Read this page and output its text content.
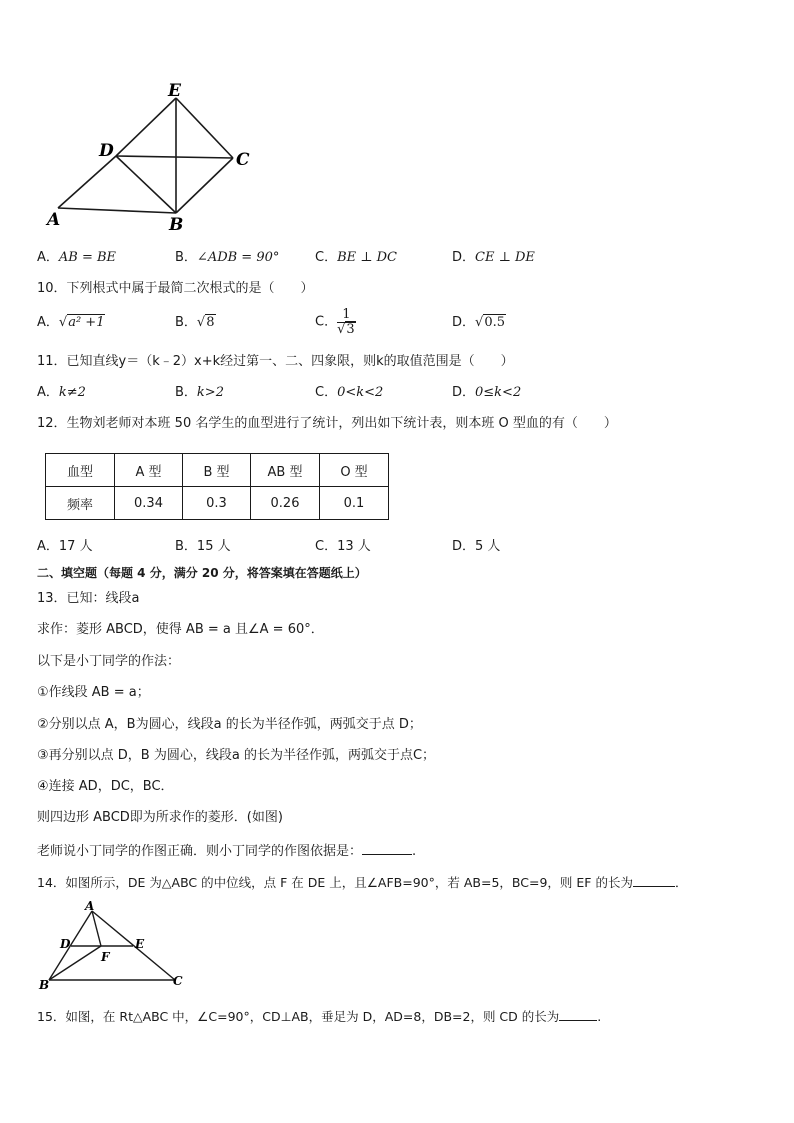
E
D	C
A	B
A．AB = BE	B．∠ADB = 90°	C．BE ⊥ DC	D．CE ⊥ DE
10．下列根式中属于最简二次根式的是（　　）
A．√a² +1	B．√8	C． $\frac{1}{√3}$	D．√0.5
11．已知直线y＝（k﹣2）x+k经过第一、二、四象限，则k的取值范围是（　　）
A．k≠2	B．k>2	C．0<k<2	D．0≤k<2
12．生物刘老师对本班 50 名学生的血型进行了统计，列出如下统计表，则本班 O 型血的有（　　）
血型	A 型	B 型	AB 型	O 型
频率	0.34	0.3	0.26	0.1
A．17 人	B．15 人	C．13 人	D．5 人
二、填空题（每题 4 分，满分 20 分，将答案填在答题纸上）
13．已知：线段a
求作：菱形 ABCD，使得 AB = a 且∠A = 60°．
以下是小丁同学的作法：
①作线段 AB = a；
②分别以点 A，B为圆心，线段a 的长为半径作弧，两弧交于点 D；
③再分别以点 D，B 为圆心，线段a 的长为半径作弧，两弧交于点C；
④连接 AD，DC，BC．
则四边形 ABCD即为所求作的菱形．(如图)
老师说小丁同学的作图正确．则小丁同学的作图依据是：	.
14．如图所示，DE 为△ABC 的中位线，点 F 在 DE 上，且∠AFB=90°，若 AB=5，BC=9，则 EF 的长为	．
A
D	E
F
B	C
15．如图，在 Rt△ABC 中，∠C=90°，CD⊥AB，垂足为 D，AD=8，DB=2，则 CD 的长为	.
